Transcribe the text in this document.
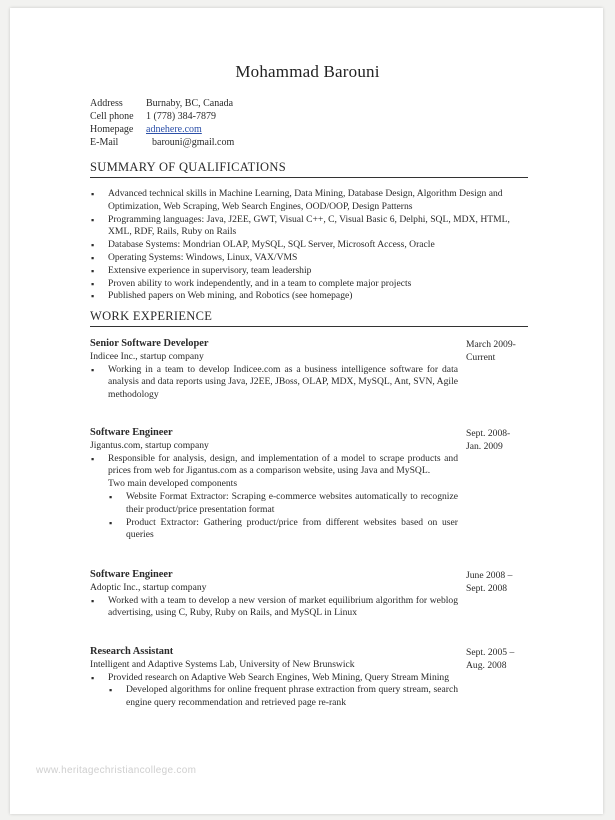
Mohammad Barouni
Address	Burnaby, BC, Canada
Cell phone	1 (778) 384-7879
Homepage	adnehere.com
E-Mail	barouni@gmail.com
SUMMARY OF QUALIFICATIONS
▪ Advanced technical skills in Machine Learning, Data Mining, Database Design, Algorithm Design and Optimization, Web Scraping, Web Search Engines, OOD/OOP, Design Patterns
▪ Programming languages: Java, J2EE, GWT, Visual C++, C, Visual Basic 6, Delphi, SQL, MDX, HTML, XML, RDF, Rails, Ruby on Rails
▪ Database Systems: Mondrian OLAP, MySQL, SQL Server, Microsoft Access, Oracle
▪ Operating Systems: Windows, Linux, VAX/VMS
▪ Extensive experience in supervisory, team leadership
▪ Proven ability to work independently, and in a team to complete major projects
▪ Published papers on Web mining, and Robotics (see homepage)
WORK EXPERIENCE
Senior Software Developer
Indicee Inc., startup company
▪ Working in a team to develop Indicee.com as a business intelligence software for data analysis and data reports using Java, J2EE, JBoss, OLAP, MDX, MySQL, Ant, SVN, Agile methodology
March 2009-
Current
Software Engineer
Jigantus.com, startup company
▪ Responsible for analysis, design, and implementation of a model to scrape products and prices from web for Jigantus.com as a comparison website, using Java and MySQL.
Two main developed components
▪ Website Format Extractor: Scraping e-commerce websites automatically to recognize their product/price presentation format
▪ Product Extractor: Gathering product/price from different websites based on user queries
Sept. 2008-
Jan. 2009
Software Engineer
Adoptic Inc., startup company
▪ Worked with a team to develop a new version of market equilibrium algorithm for weblog advertising, using C, Ruby, Ruby on Rails, and MySQL in Linux
June 2008 –
Sept. 2008
Research Assistant
Intelligent and Adaptive Systems Lab, University of New Brunswick
▪ Provided research on Adaptive Web Search Engines, Web Mining, Query Stream Mining
▪ Developed algorithms for online frequent phrase extraction from query stream, search engine query recommendation and retrieved page re-rank
Sept. 2005 –
Aug. 2008
www.heritagechristiancollege.com
